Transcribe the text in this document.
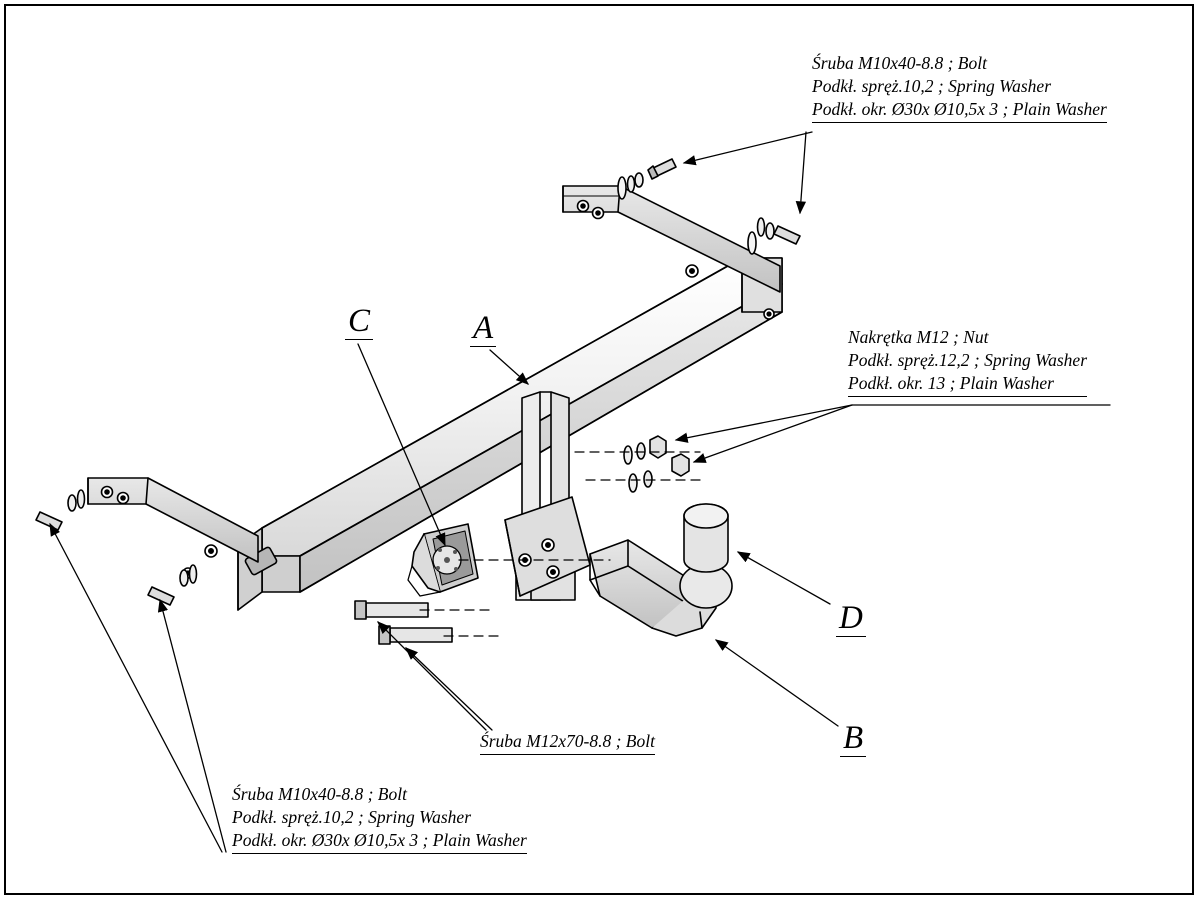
Śruba M10x40-8.8 ; Bolt
Podkł. spręż.10,2 ; Spring Washer
Podkł. okr. Ø30x Ø10,5x 3 ; Plain Washer
Nakrętka M12 ; Nut
Podkł. spręż.12,2 ; Spring Washer
Podkł. okr. 13 ; Plain Washer
Śruba M12x70-8.8 ; Bolt
Śruba M10x40-8.8 ; Bolt
Podkł. spręż.10,2 ; Spring Washer
Podkł. okr. Ø30x Ø10,5x 3 ; Plain Washer
A
B
C
D
